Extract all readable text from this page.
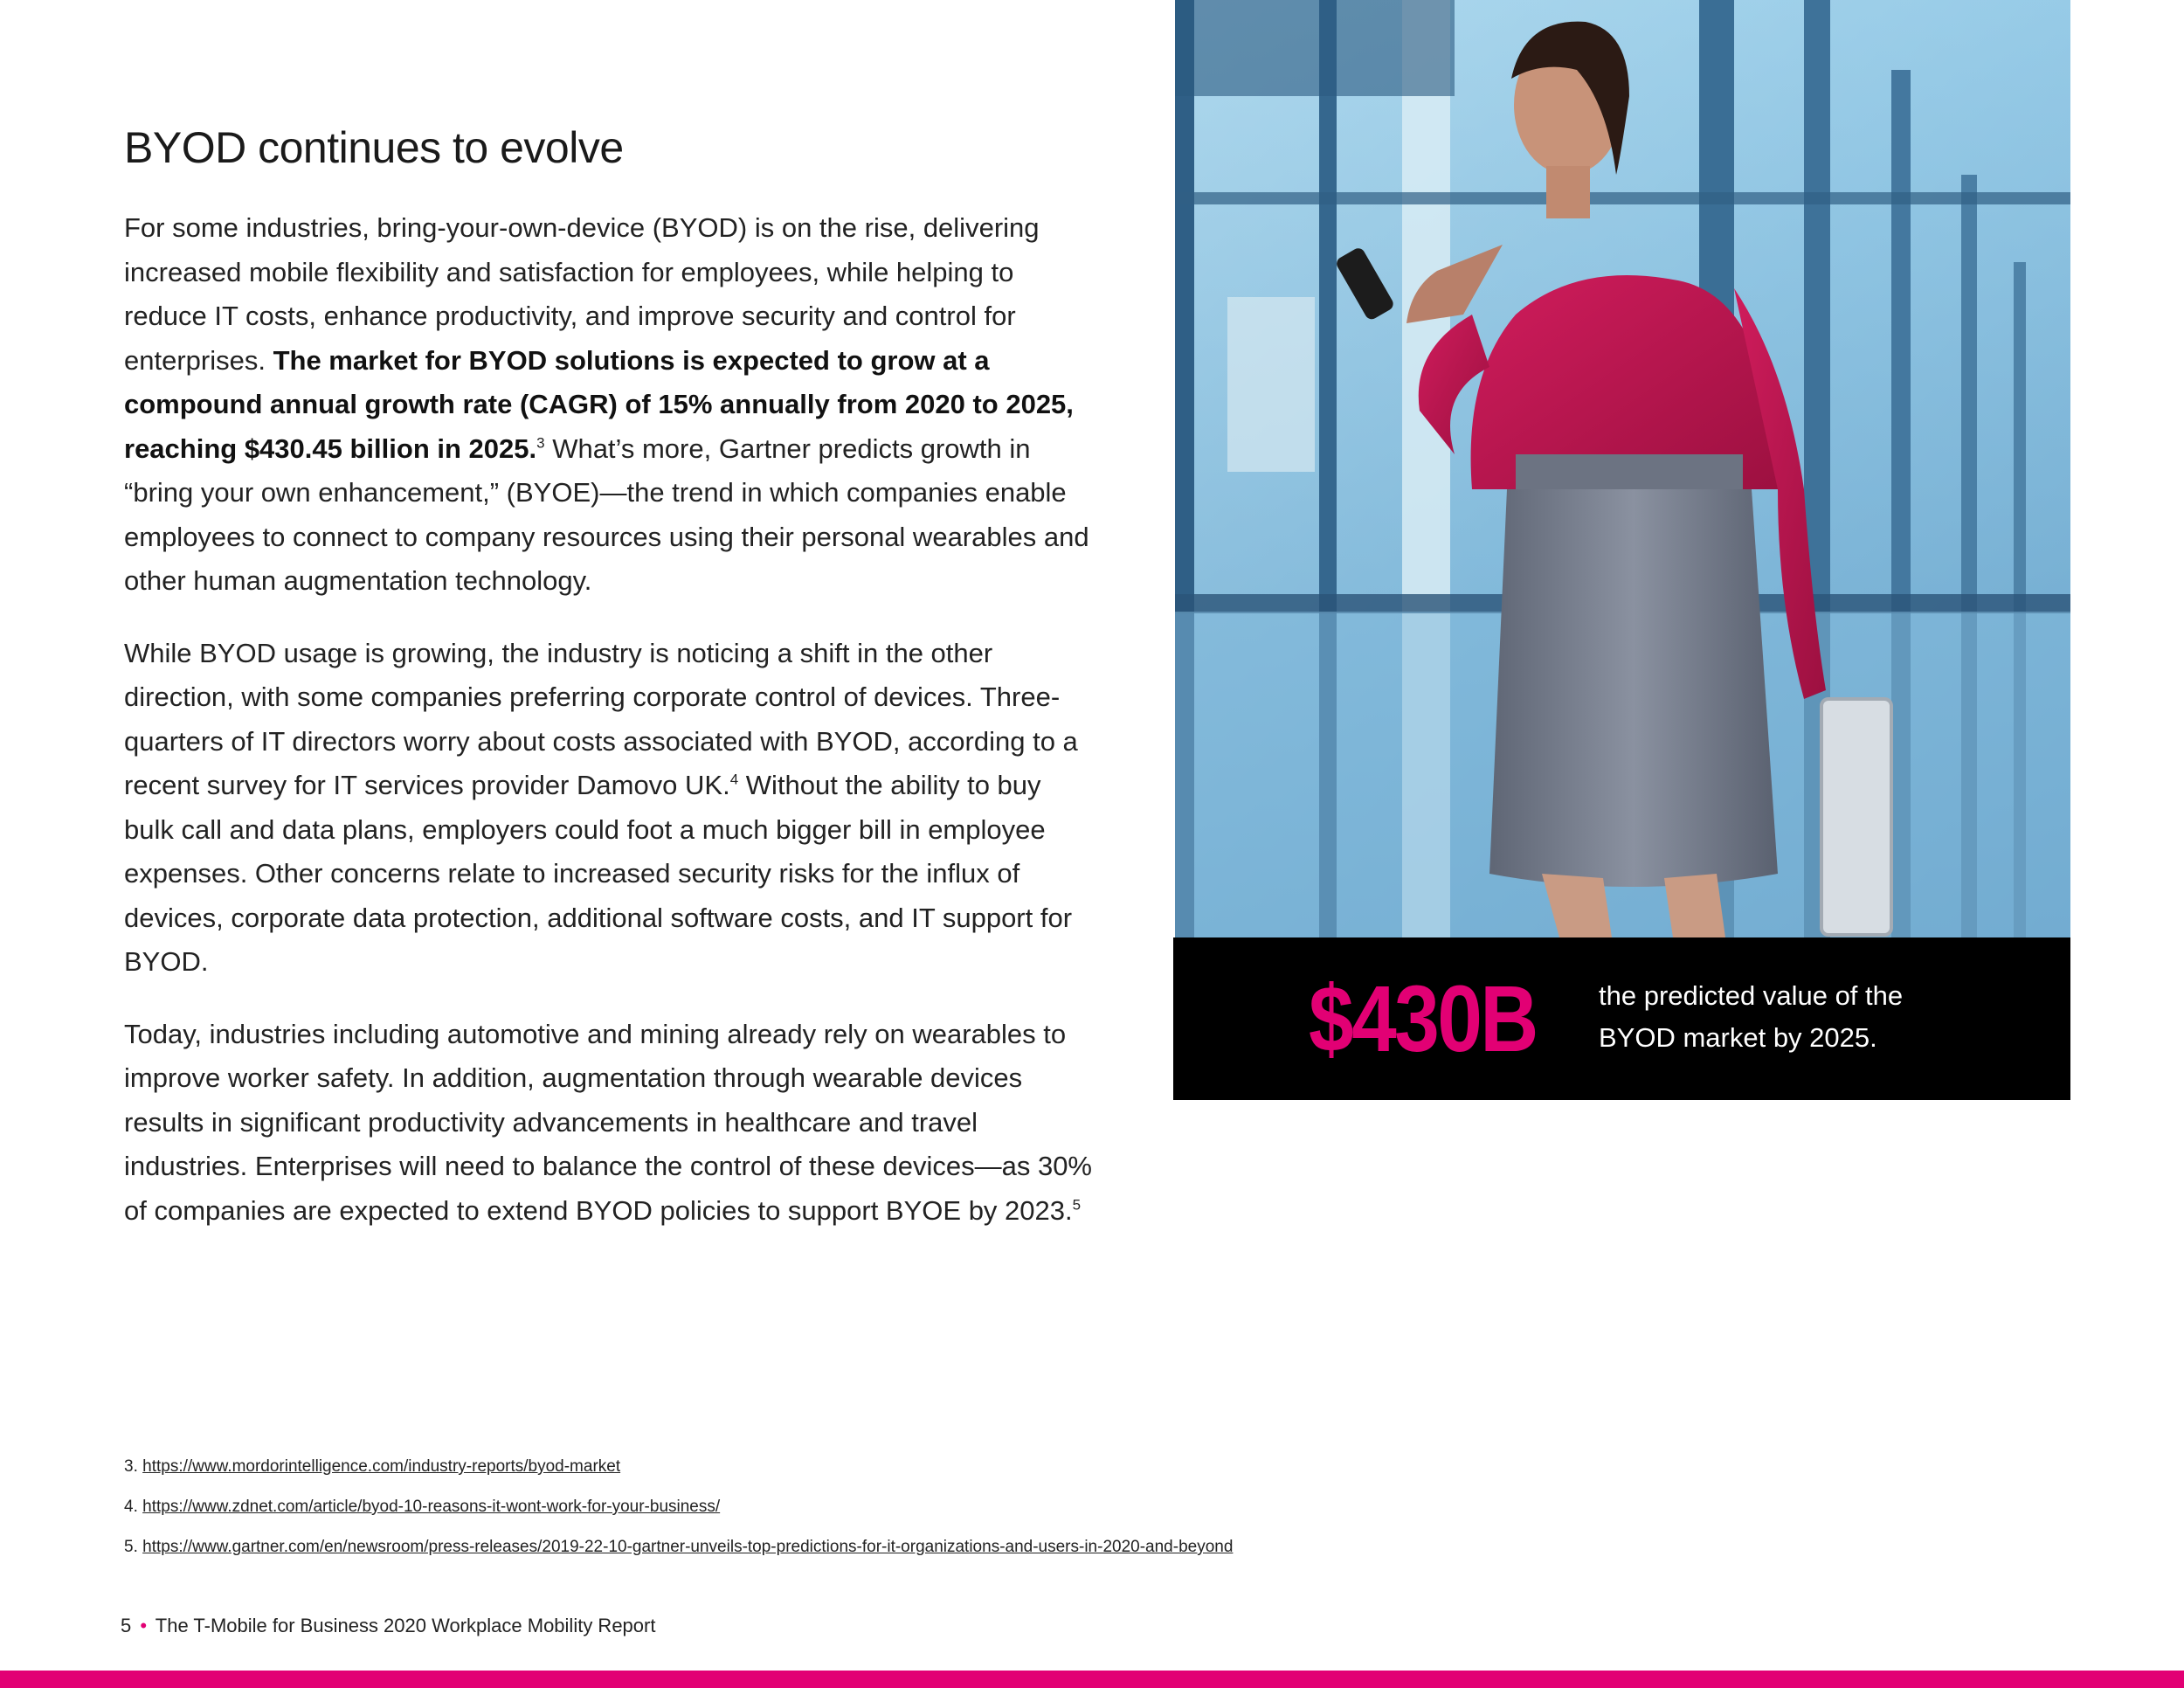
BYOD continues to evolve

For some industries, bring-your-own-device (BYOD) is on the rise, delivering increased mobile flexibility and satisfaction for employees, while helping to reduce IT costs, enhance productivity, and improve security and control for enterprises. The market for BYOD solutions is expected to grow at a compound annual growth rate (CAGR) of 15% annually from 2020 to 2025, reaching $430.45 billion in 2025.$^3$ What’s more, Gartner predicts growth in “bring your own enhancement,” (BYOE)—the trend in which companies enable employees to connect to company resources using their personal wearables and other human augmentation technology.

While BYOD usage is growing, the industry is noticing a shift in the other direction, with some companies preferring corporate control of devices. Three-quarters of IT directors worry about costs associated with BYOD, according to a recent survey for IT services provider Damovo UK.$^4$ Without the ability to buy bulk call and data plans, employers could foot a much bigger bill in employee expenses. Other concerns relate to increased security risks for the influx of devices, corporate data protection, additional software costs, and IT support for BYOD.

Today, industries including automotive and mining already rely on wearables to improve worker safety. In addition, augmentation through wearable devices results in significant productivity advancements in healthcare and travel industries. Enterprises will need to balance the control of these devices—as 30% of companies are expected to extend BYOD policies to support BYOE by 2023.$^5$

$430B the predicted value of the BYOD market by 2025.

3. https://www.mordorintelligence.com/industry-reports/byod-market

4. https://www.zdnet.com/article/byod-10-reasons-it-wont-work-for-your-business/

5. https://www.gartner.com/en/newsroom/press-releases/2019-22-10-gartner-unveils-top-predictions-for-it-organizations-and-users-in-2020-and-beyond

5 • The T-Mobile for Business 2020 Workplace Mobility Report
